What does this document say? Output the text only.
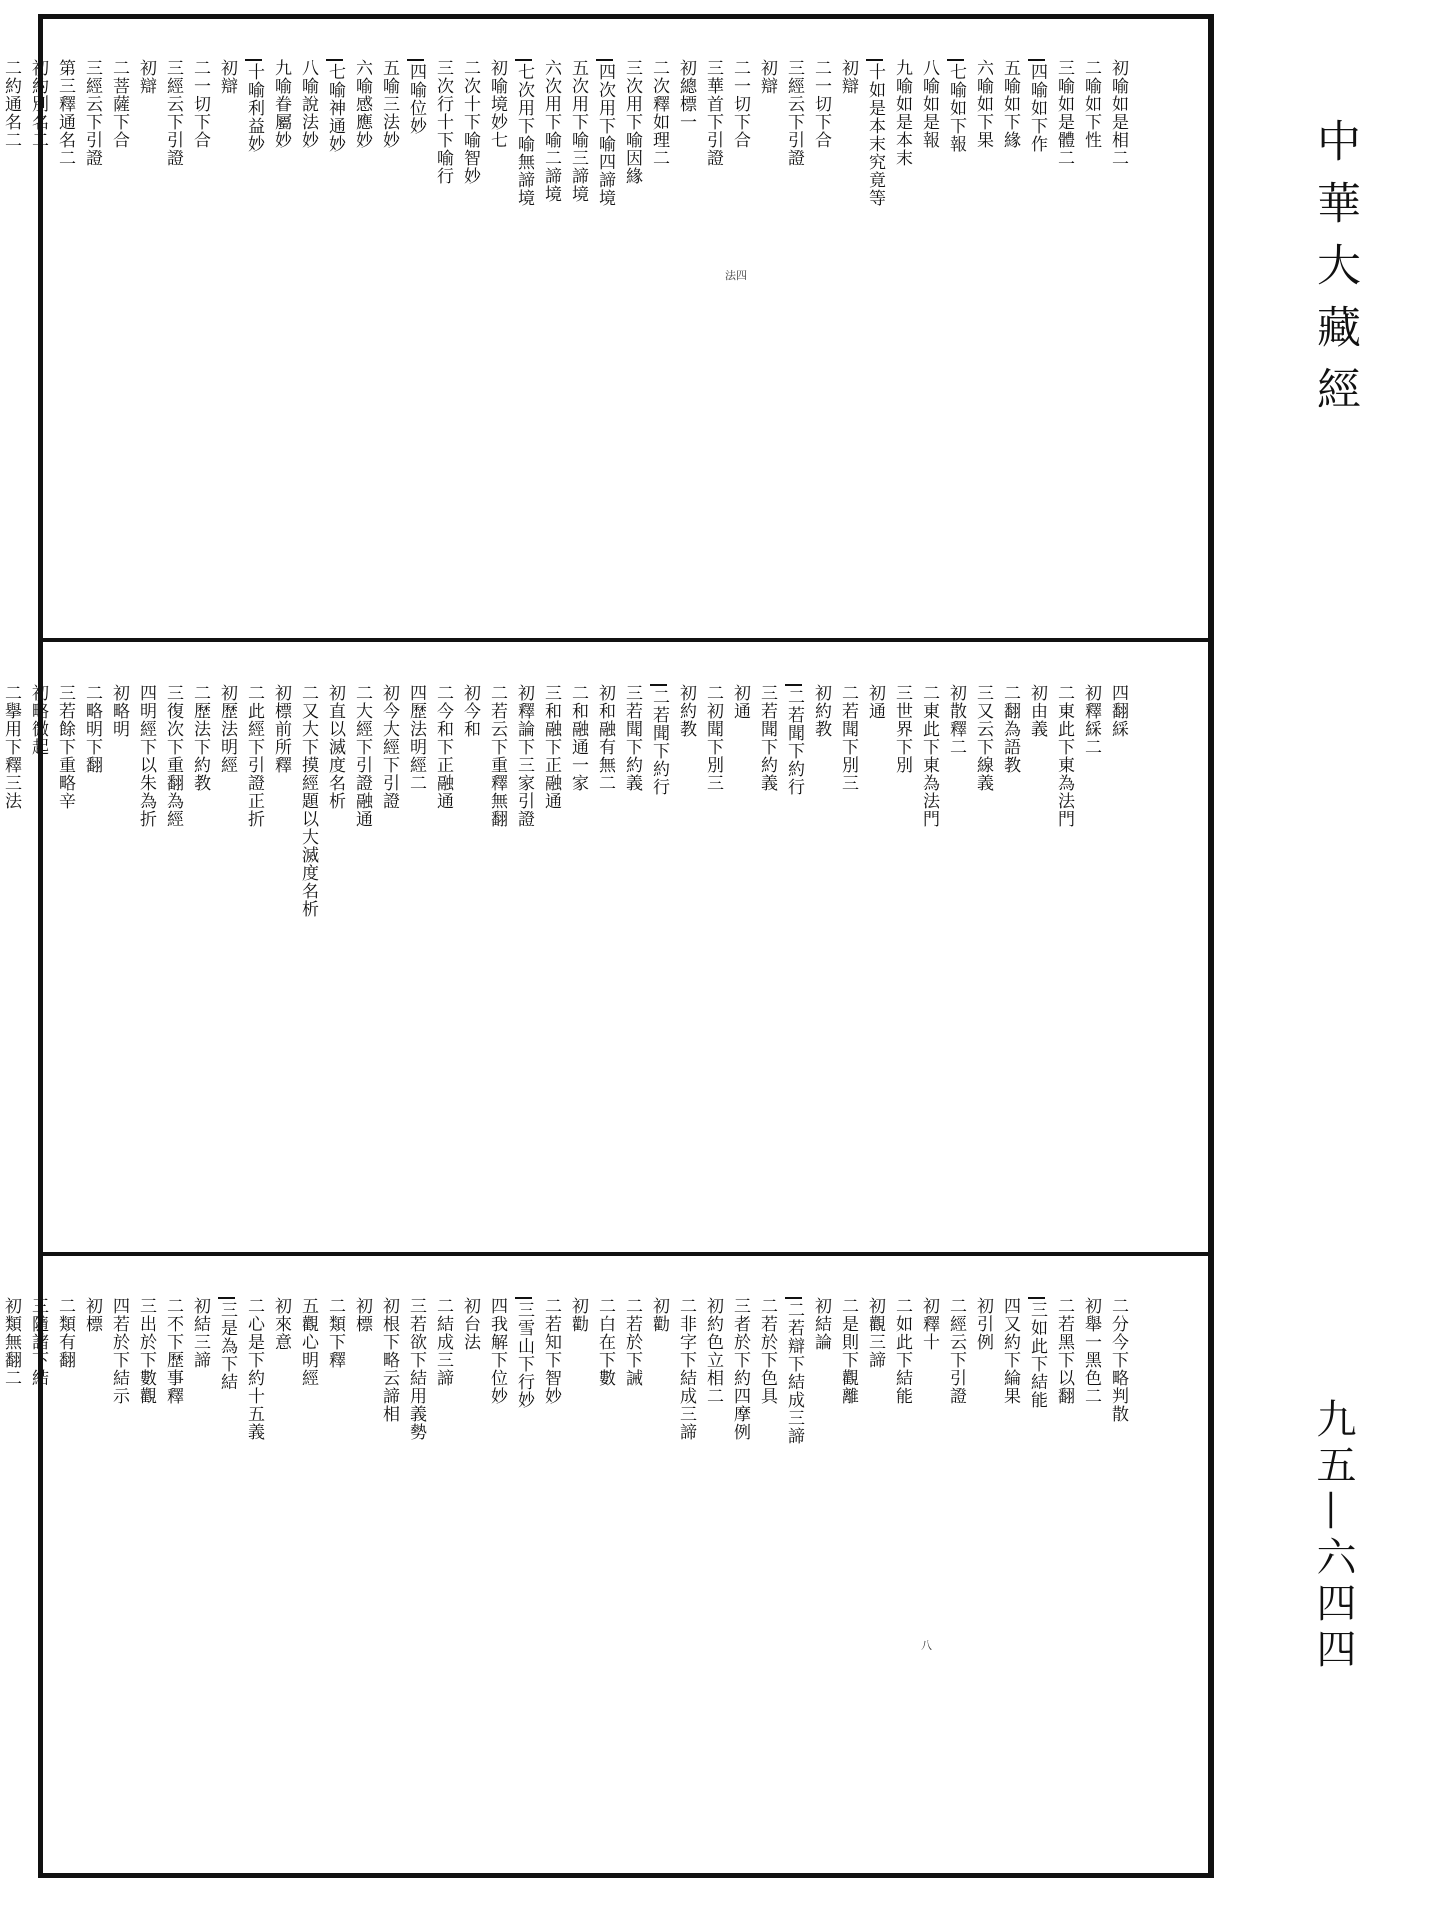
初喻如是相二
二喻如下性
三喻如是體二
四喻如下作
五喻如下緣
六喻如下果
七喻如下報
八喻如是報
九喻如是本末
十如是本末究竟等
初辯
二一切下合
三經云下引證
初辯
二一切下合
三華首下引證
初總標一
二次釋如理二
三次用下喻因緣
四次用下喻四諦境
五次用下喻三諦境
六次用下喻二諦境
七次用下喻無諦境
初喻境妙七
二次十下喻智妙
三次行十下喻行
四喻位妙
五喻三法妙
六喻感應妙
七喻神通妙
八喻說法妙
九喻眷屬妙
十喻利益妙
初辯
二一切下合
三經云下引證
初辯
二菩薩下合
三經云下引證
第三釋通名二
初約別名二
二約通名二
法四
四翻綵
初釋綵二
二東此下東為法門
初由義
二翻為語教
三又云下線義
初散釋二
二東此下東為法門
三世界下別
初通
二若聞下別三
初約教
二若聞下約行
三若聞下約義
初通
二初聞下別三
初約教
二若聞下約行
三若聞下約義
初和融有無二
二和融通一家
三和融下正融通
初釋論下三家引證
二若云下重釋無翻
初今和
二今和下正融通
四歷法明經二
初今大經下引證
二大經下引證融通
初直以滅度名析
二又大下摸經題以大滅度名析
初標前所釋
二此經下引證正折
初歷法明經
二歷法下約教
三復次下重翻為經
四明經下以朱為折
初略明
二略明下翻
三若餘下重略辛
初略微起
二擧用下釋三法
二分今下略判散
初舉一黑色二
二若黑下以翻
三如此下結能
四又約下綸果
初引例
二經云下引證
初釋十
二如此下結能
初觀三諦
二是則下觀離
初結論
二若辯下結成三諦
二若於下色具
三者於下約四摩例
初約色立相二
二非字下結成三諦
初勸
二若於下誡
二白在下數
初勸
二若知下智妙
三雪山下行妙
四我解下位妙
初台法
二結成三諦
三若欲下結用義勢
初根下略云諦相
初標
二類下釋
五觀心明經
初來意
二心是下約十五義
三是為下結
初結三諦
二不下歷事釋
三出於下數觀
四若於下結示
初標
二類有翻
三隨諸下結
初類無翻二
八
中華大藏經
九五—六四四
